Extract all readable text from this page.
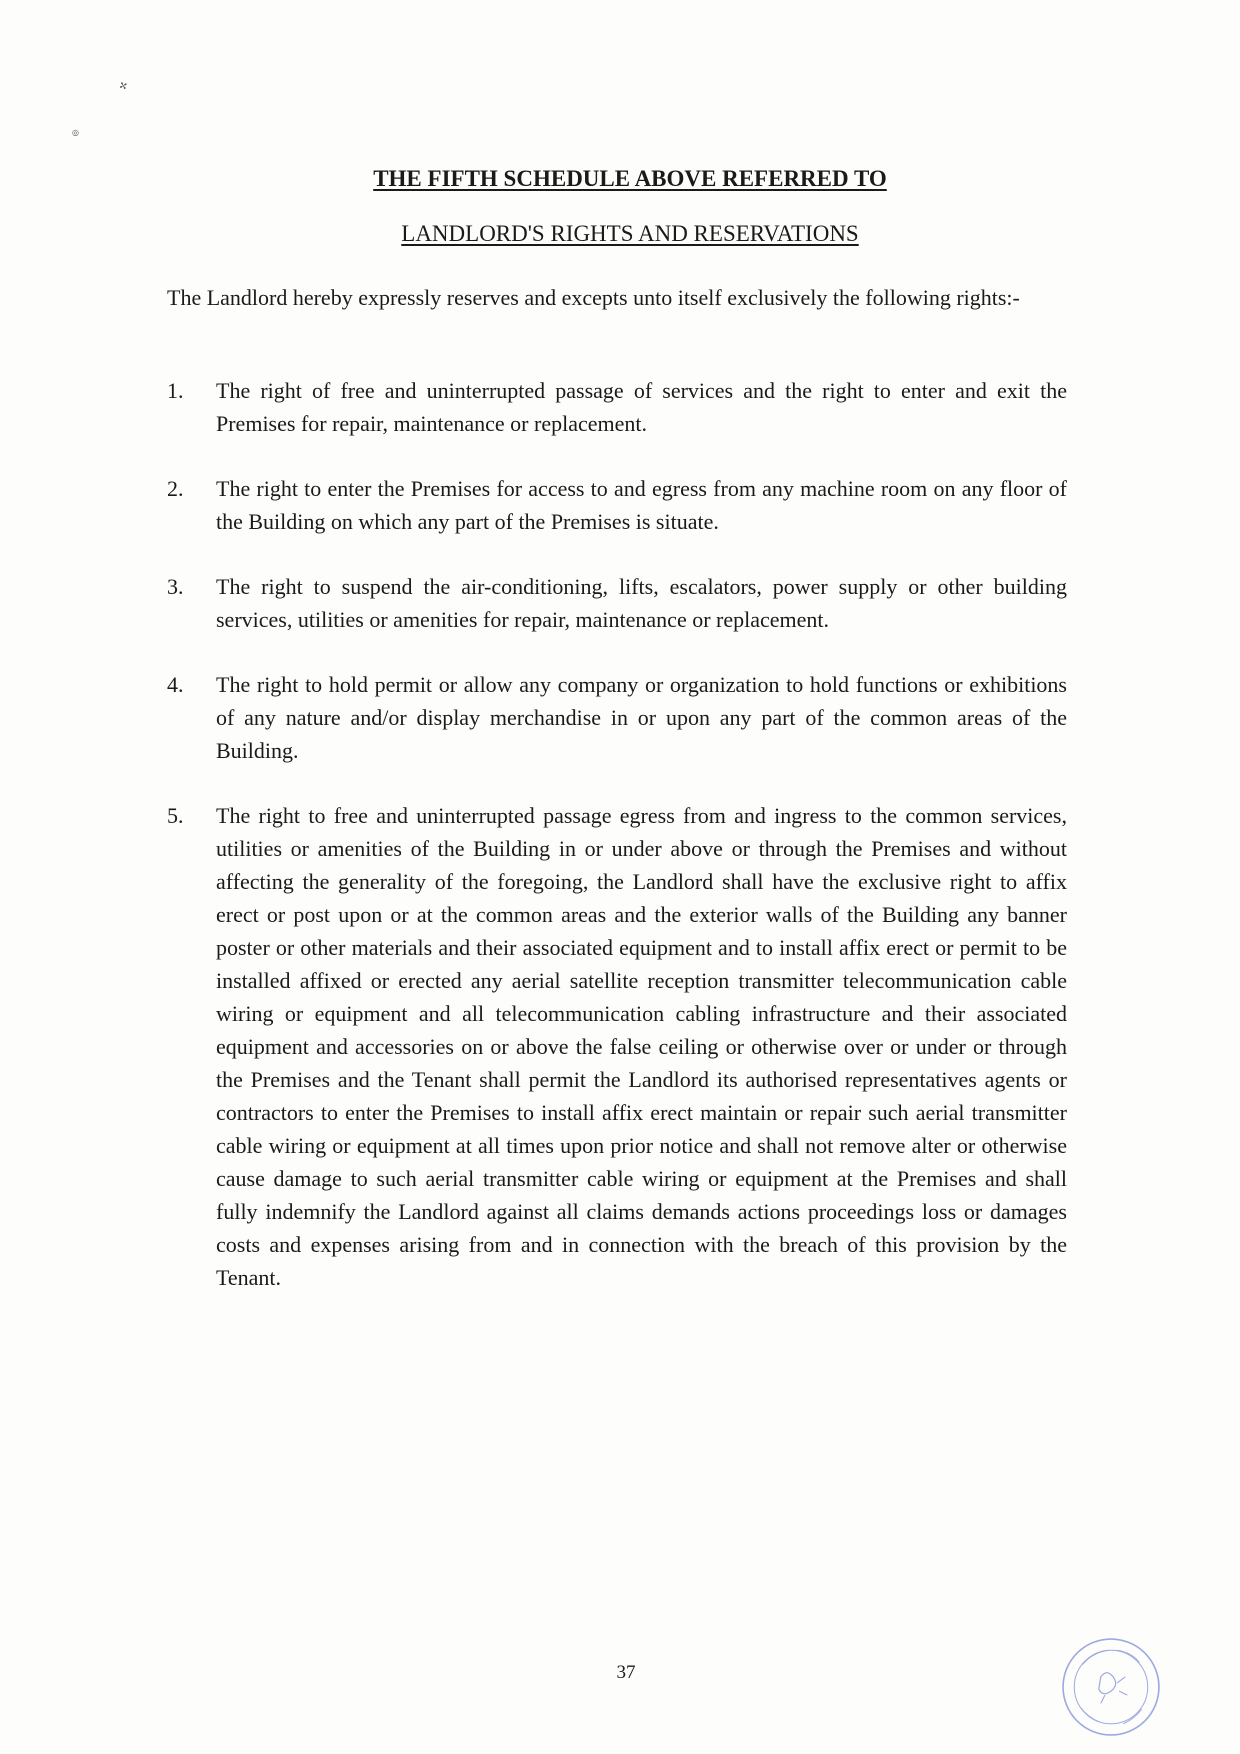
✢
◎
THE FIFTH SCHEDULE ABOVE REFERRED TO
LANDLORD'S RIGHTS AND RESERVATIONS

The Landlord hereby expressly reserves and excepts unto itself exclusively the following rights:-

1.	The right of free and uninterrupted passage of services and the right to enter and exit the Premises for repair, maintenance or replacement.

2.	The right to enter the Premises for access to and egress from any machine room on any floor of the Building on which any part of the Premises is situate.

3.	The right to suspend the air-conditioning, lifts, escalators, power supply or other building services, utilities or amenities for repair, maintenance or replacement.

4.	The right to hold permit or allow any company or organization to hold functions or exhibitions of any nature and/or display merchandise in or upon any part of the common areas of the Building.

5.	The right to free and uninterrupted passage egress from and ingress to the common services, utilities or amenities of the Building in or under above or through the Premises and without affecting the generality of the foregoing, the Landlord shall have the exclusive right to affix erect or post upon or at the common areas and the exterior walls of the Building any banner poster or other materials and their associated equipment and to install affix erect or permit to be installed affixed or erected any aerial satellite reception transmitter telecommunication cable wiring or equipment and all telecommunication cabling infrastructure and their associated equipment and accessories on or above the false ceiling or otherwise over or under or through the Premises and the Tenant shall permit the Landlord its authorised representatives agents or contractors to enter the Premises to install affix erect maintain or repair such aerial transmitter cable wiring or equipment at all times upon prior notice and shall not remove alter or otherwise cause damage to such aerial transmitter cable wiring or equipment at the Premises and shall fully indemnify the Landlord against all claims demands actions proceedings loss or damages costs and expenses arising from and in connection with the breach of this provision by the Tenant.

37
